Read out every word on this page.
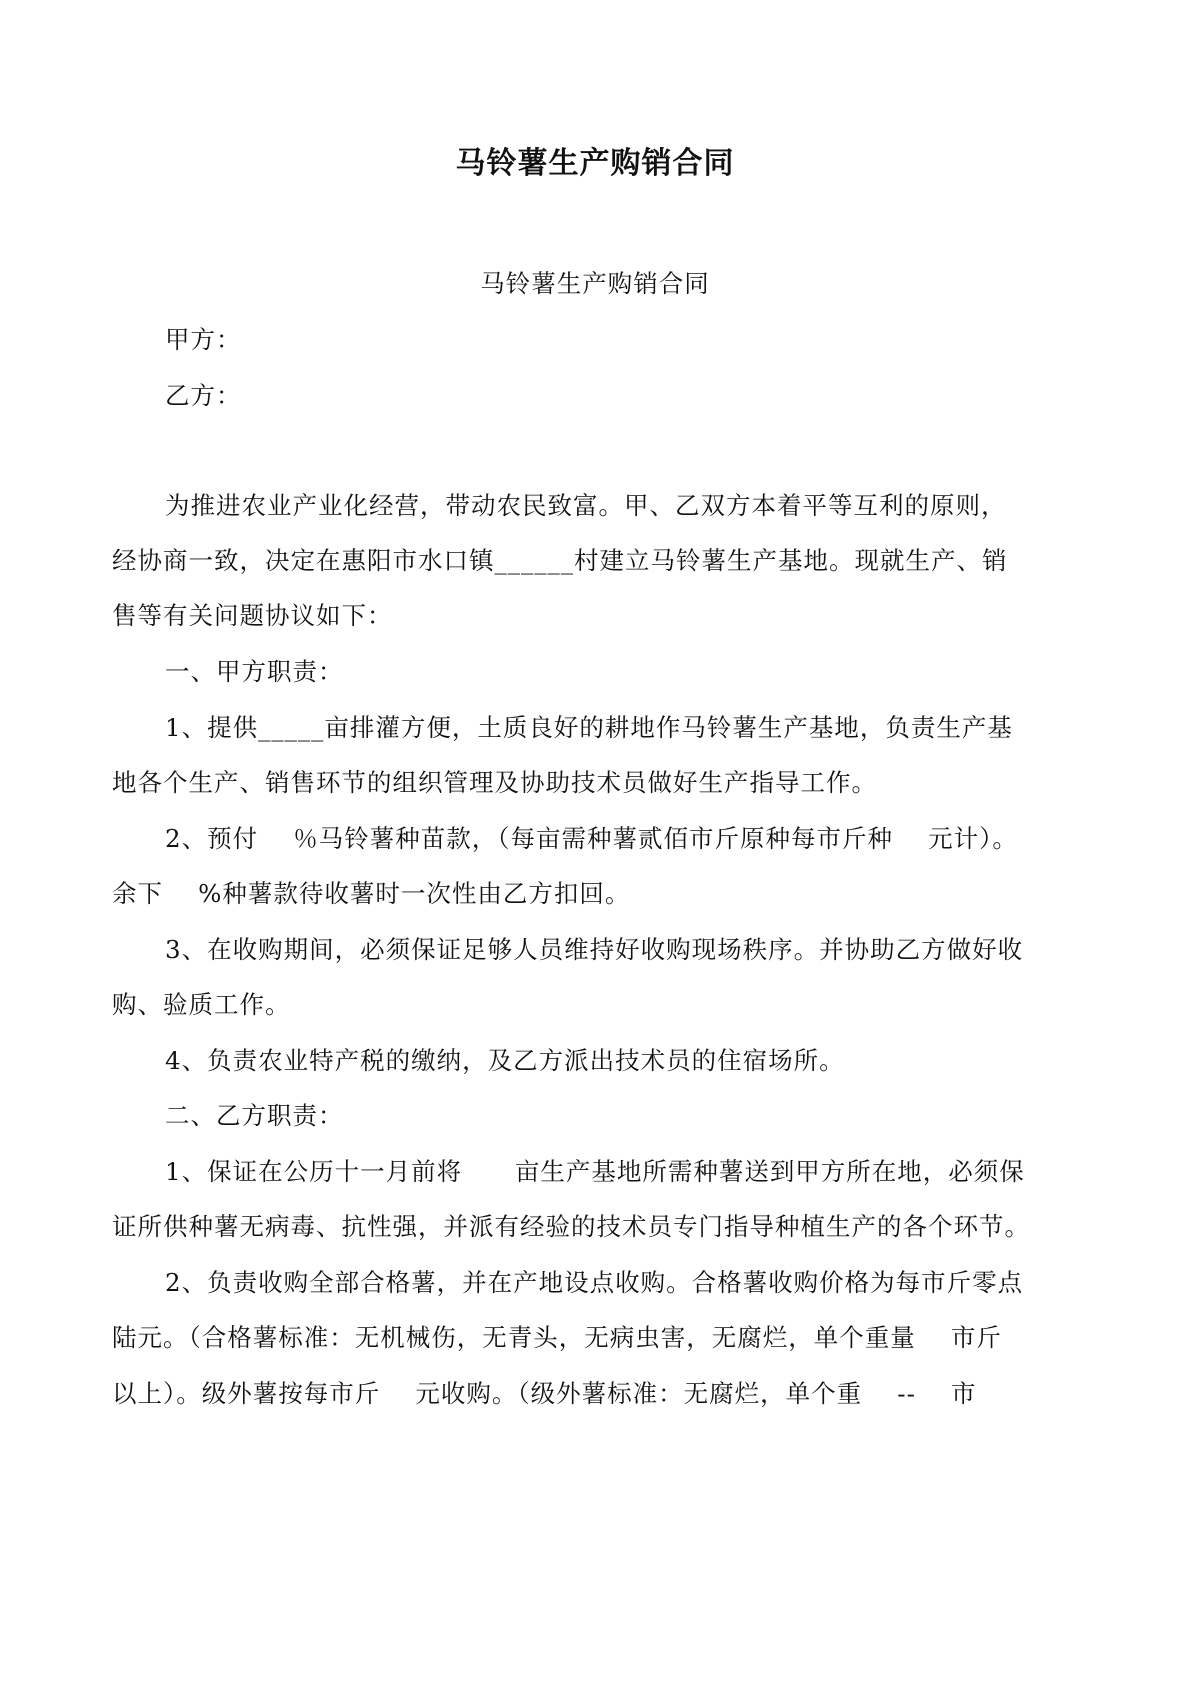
马铃薯生产购销合同
马铃薯生产购销合同
甲方：
乙方：
为推进农业产业化经营，带动农民致富。甲、乙双方本着平等互利的原则，
经协商一致，决定在惠阳市水口镇______村建立马铃薯生产基地。现就生产、销
售等有关问题协议如下：
一、甲方职责：
1、提供_____亩排灌方便，土质良好的耕地作马铃薯生产基地，负责生产基
地各个生产、销售环节的组织管理及协助技术员做好生产指导工作。
2、预付    ％马铃薯种苗款，（每亩需种薯贰佰市斤原种每市斤种    元计）。
余下    %种薯款待收薯时一次性由乙方扣回。
3、在收购期间，必须保证足够人员维持好收购现场秩序。并协助乙方做好收
购、验质工作。
4、负责农业特产税的缴纳，及乙方派出技术员的住宿场所。
二、乙方职责：
1、保证在公历十一月前将      亩生产基地所需种薯送到甲方所在地，必须保
证所供种薯无病毒、抗性强，并派有经验的技术员专门指导种植生产的各个环节。
2、负责收购全部合格薯，并在产地设点收购。合格薯收购价格为每市斤零点
陆元。（合格薯标准：无机械伤，无青头，无病虫害，无腐烂，单个重量    市斤
以上）。级外薯按每市斤    元收购。（级外薯标准：无腐烂，单个重    --    市
